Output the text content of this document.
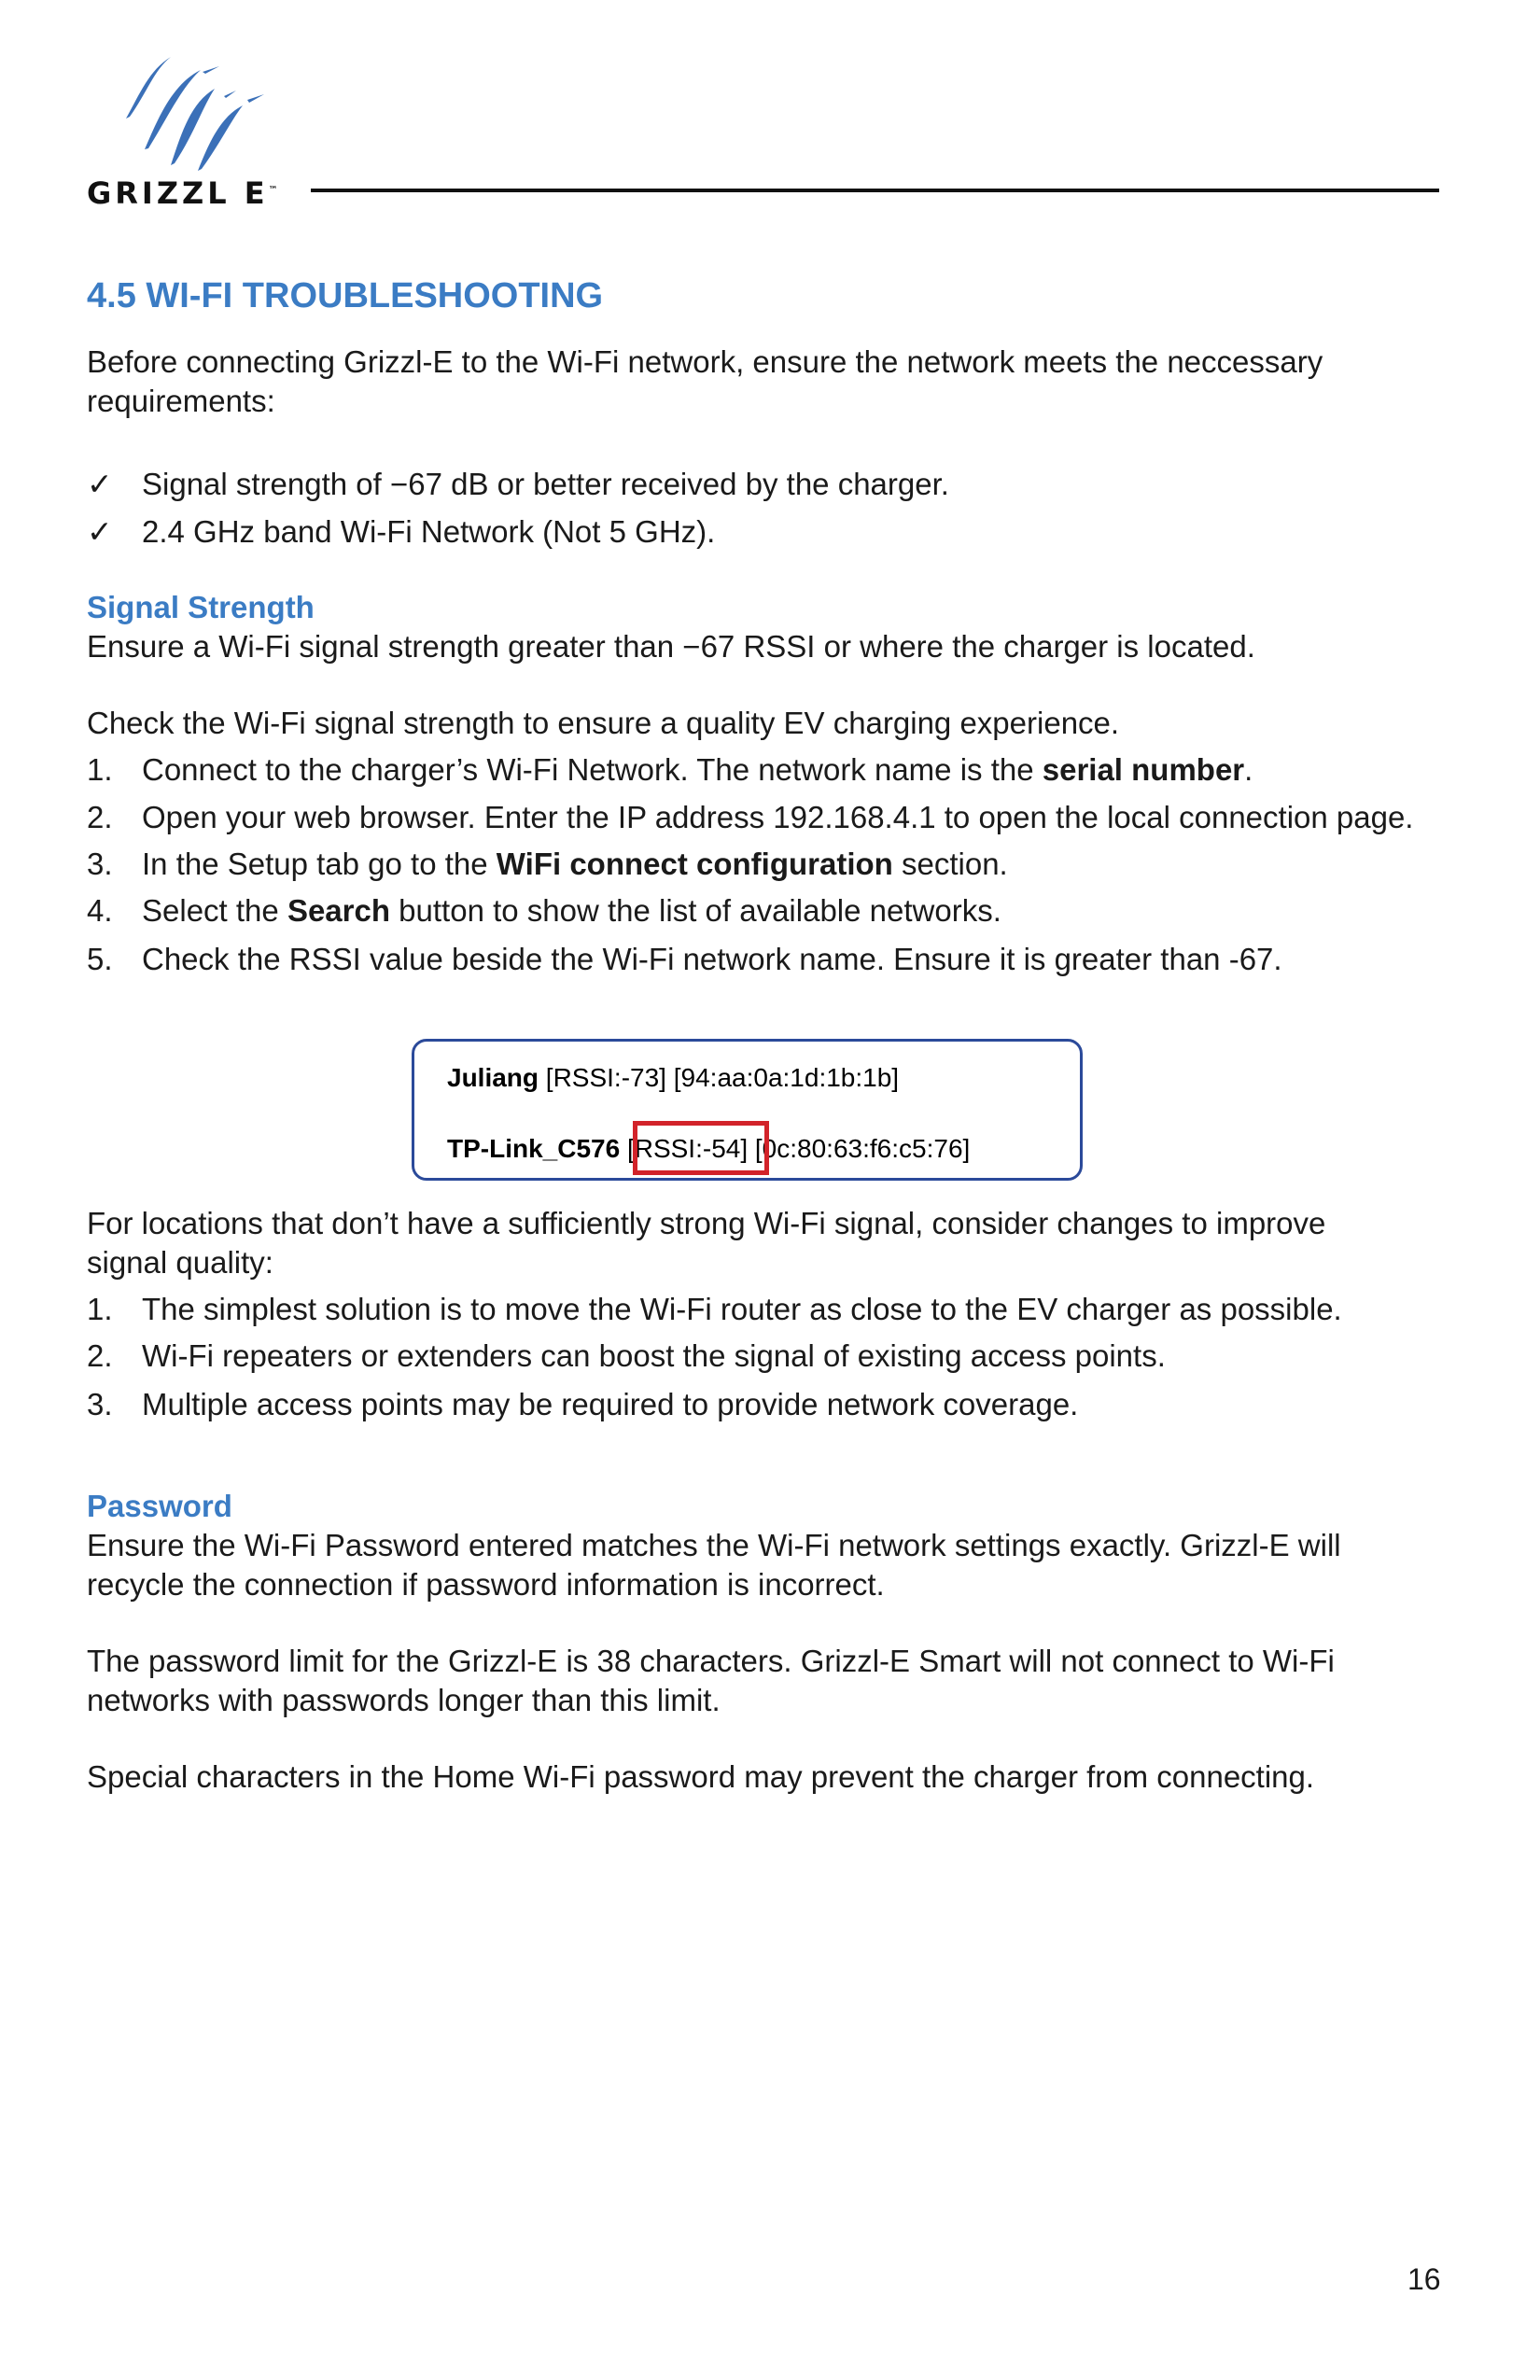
GRIZZL E™
4.5 WI-FI TROUBLESHOOTING
Before connecting Grizzl-E to the Wi-Fi network, ensure the network meets the neccessary
requirements:
✓ Signal strength of −67 dB or better received by the charger.
✓ 2.4 GHz band Wi-Fi Network (Not 5 GHz).
Signal Strength
Ensure a Wi-Fi signal strength greater than −67 RSSI or where the charger is located.
Check the Wi-Fi signal strength to ensure a quality EV charging experience.
1. Connect to the charger’s Wi-Fi Network. The network name is the serial number.
2. Open your web browser. Enter the IP address 192.168.4.1 to open the local connection page.
3. In the Setup tab go to the WiFi connect configuration section.
4. Select the Search button to show the list of available networks.
5. Check the RSSI value beside the Wi-Fi network name. Ensure it is greater than -67.
Juliang [RSSI:-73] [94:aa:0a:1d:1b:1b]
TP-Link_C576 [RSSI:-54] [0c:80:63:f6:c5:76]
For locations that don’t have a sufficiently strong Wi-Fi signal, consider changes to improve
signal quality:
1. The simplest solution is to move the Wi-Fi router as close to the EV charger as possible.
2. Wi-Fi repeaters or extenders can boost the signal of existing access points.
3. Multiple access points may be required to provide network coverage.
Password
Ensure the Wi-Fi Password entered matches the Wi-Fi network settings exactly. Grizzl-E will
recycle the connection if password information is incorrect.
The password limit for the Grizzl-E is 38 characters. Grizzl-E Smart will not connect to Wi-Fi
networks with passwords longer than this limit.
Special characters in the Home Wi-Fi password may prevent the charger from connecting.
16
